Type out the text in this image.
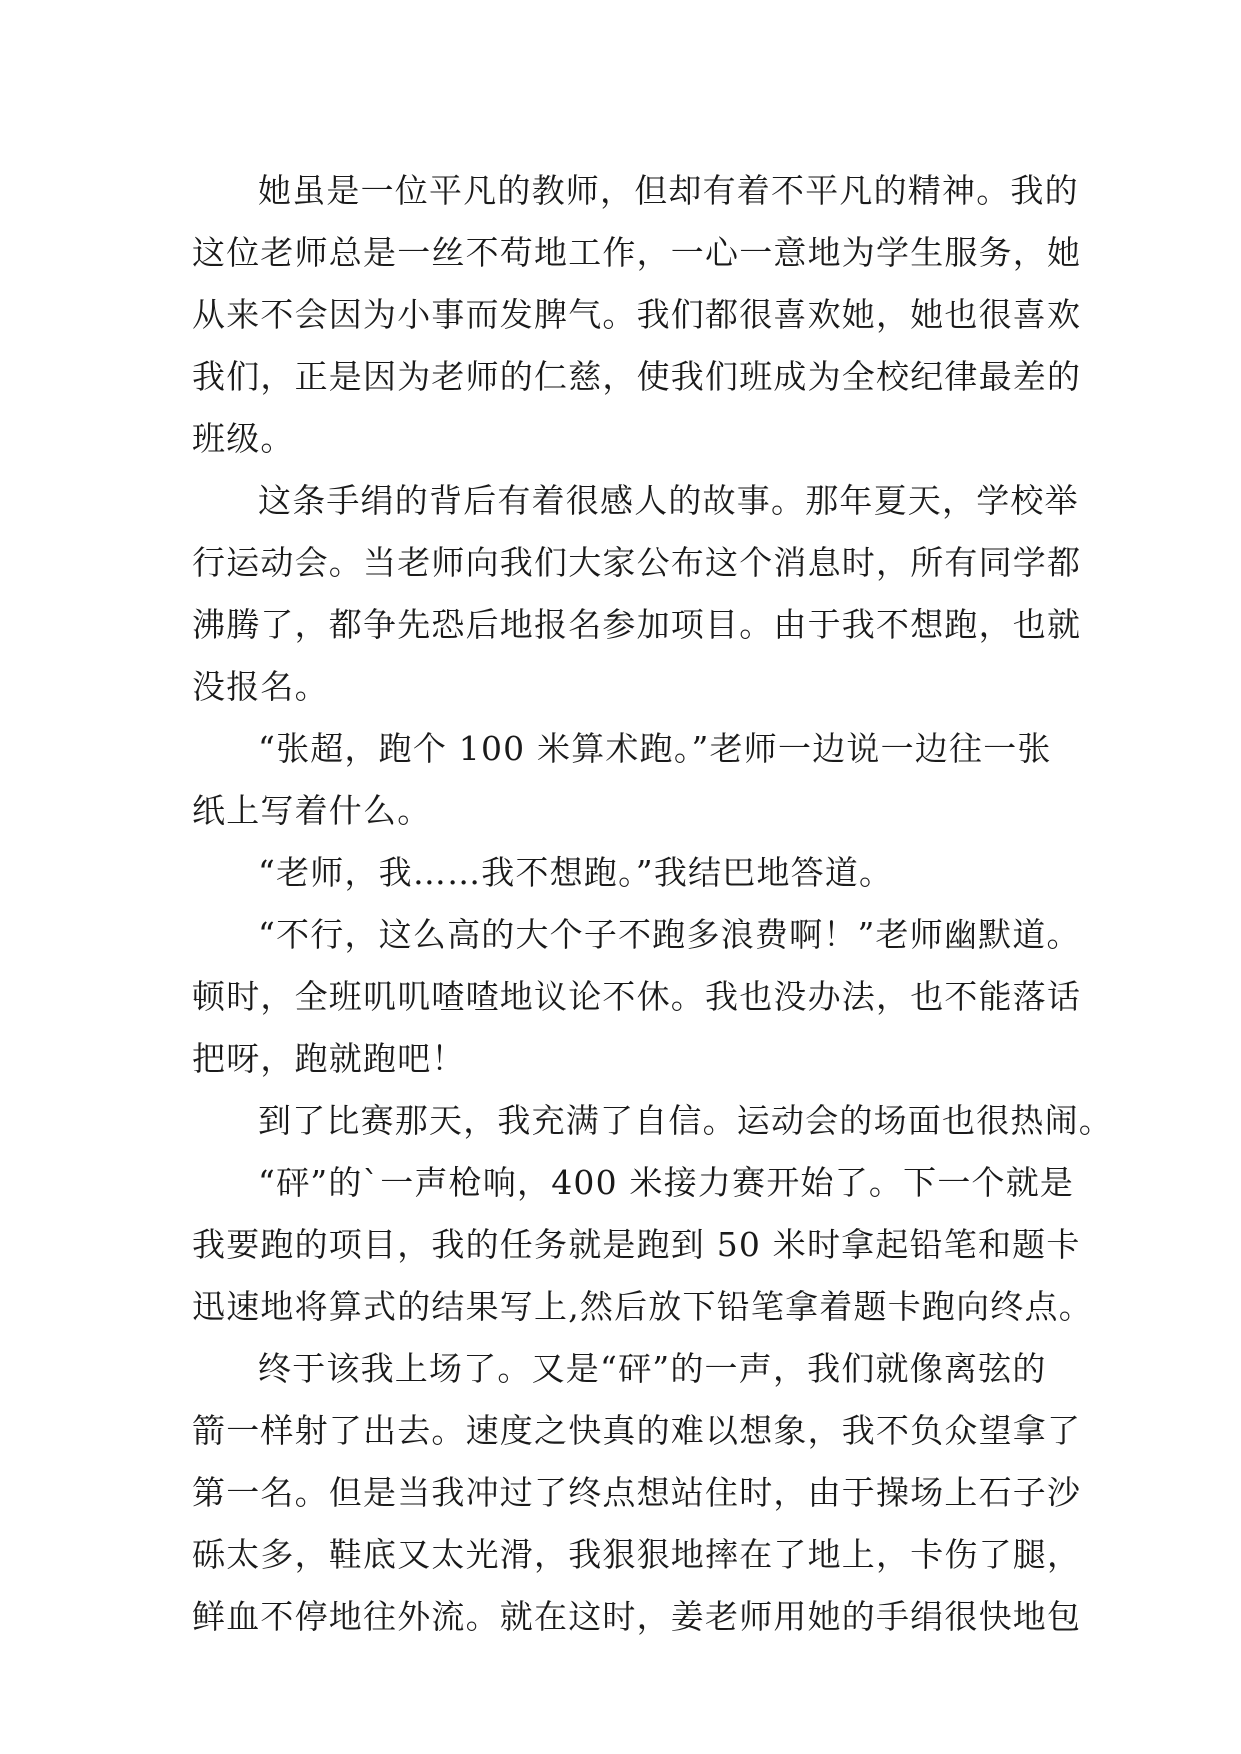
她虽是一位平凡的教师，但却有着不平凡的精神。我的
这位老师总是一丝不苟地工作，一心一意地为学生服务，她
从来不会因为小事而发脾气。我们都很喜欢她，她也很喜欢
我们，正是因为老师的仁慈，使我们班成为全校纪律最差的
班级。
这条手绢的背后有着很感人的故事。那年夏天，学校举
行运动会。当老师向我们大家公布这个消息时，所有同学都
沸腾了，都争先恐后地报名参加项目。由于我不想跑，也就
没报名。
“张超，跑个 100 米算术跑。”老师一边说一边往一张
纸上写着什么。
“老师，我……我不想跑。”我结巴地答道。
“不行，这么高的大个子不跑多浪费啊！”老师幽默道。
顿时，全班叽叽喳喳地议论不休。我也没办法，也不能落话
把呀，跑就跑吧！
到了比赛那天，我充满了自信。运动会的场面也很热闹。
“砰”的`一声枪响，400 米接力赛开始了。下一个就是
我要跑的项目，我的任务就是跑到 50 米时拿起铅笔和题卡
迅速地将算式的结果写上,然后放下铅笔拿着题卡跑向终点。
终于该我上场了。又是“砰”的一声，我们就像离弦的
箭一样射了出去。速度之快真的难以想象，我不负众望拿了
第一名。但是当我冲过了终点想站住时，由于操场上石子沙
砾太多，鞋底又太光滑，我狠狠地摔在了地上，卡伤了腿，
鲜血不停地往外流。就在这时，姜老师用她的手绢很快地包
